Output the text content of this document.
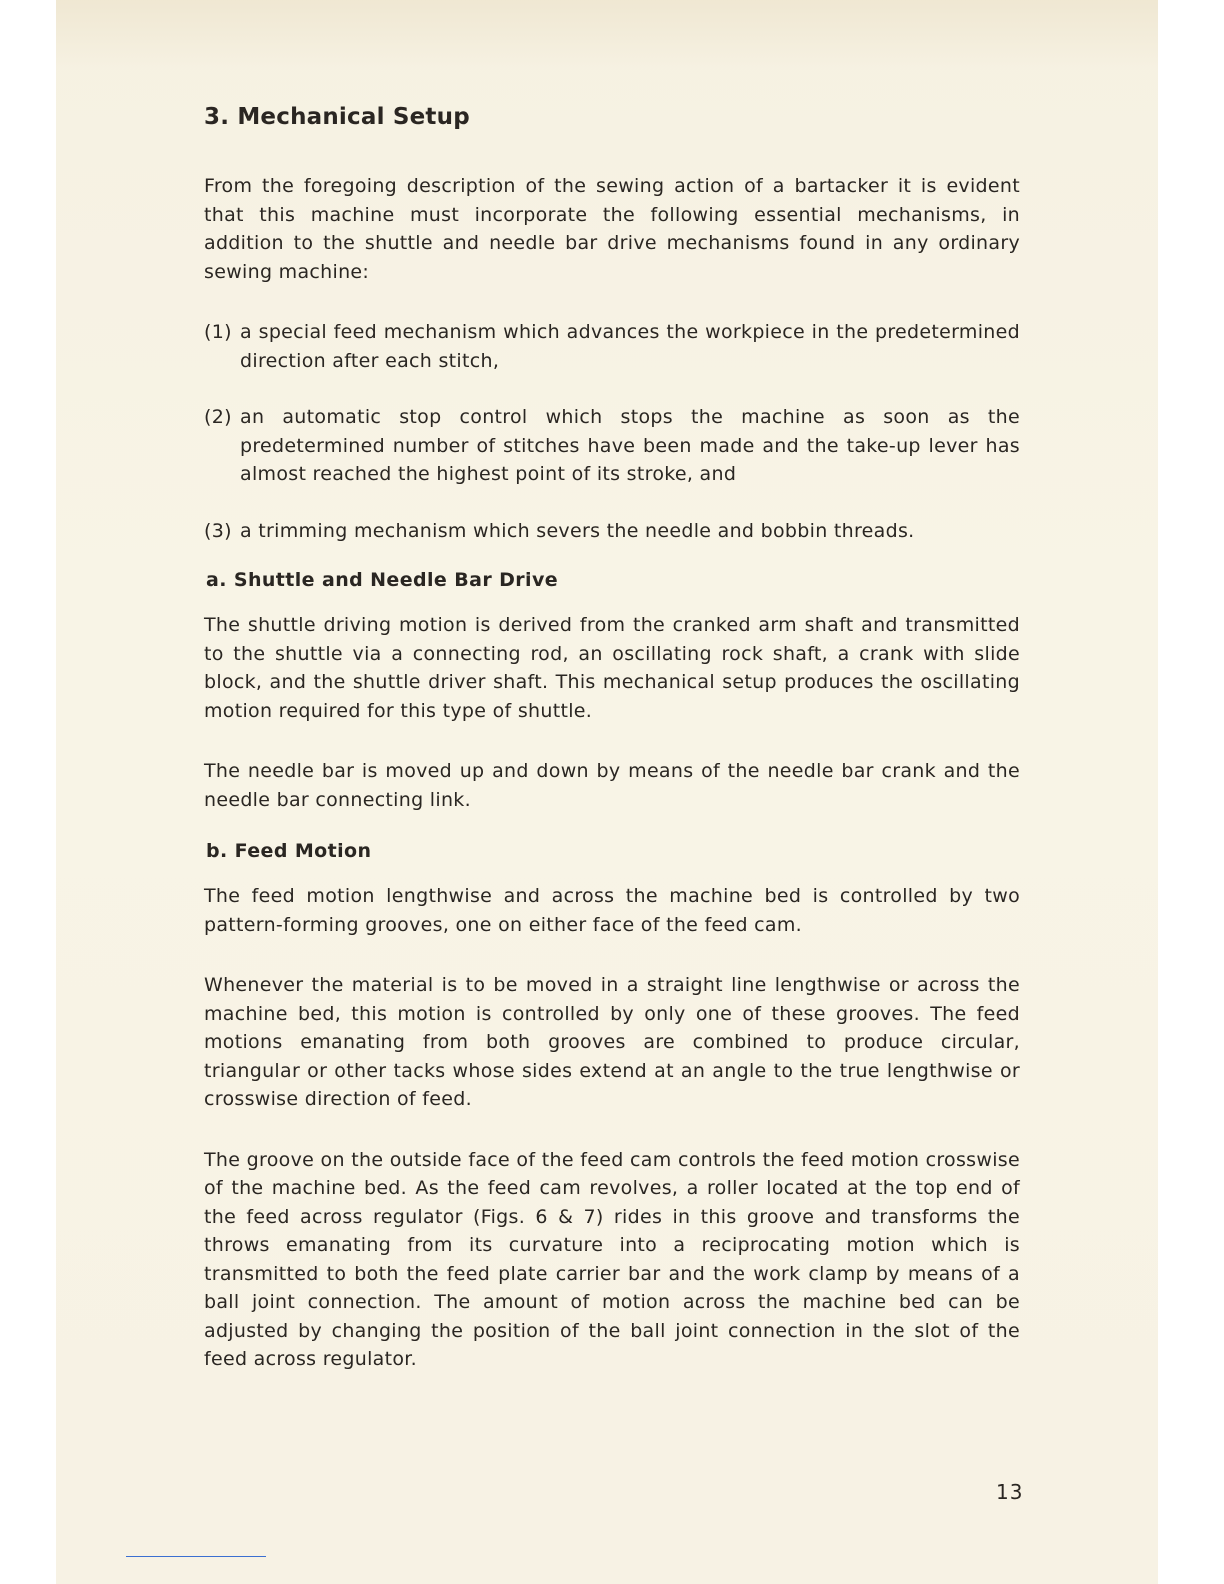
3. Mechanical Setup

From the foregoing description of the sewing action of a bartacker it is evident that this machine must incorporate the following essential mechanisms, in addition to the shuttle and needle bar drive mechanisms found in any ordinary sewing machine:

(1) a special feed mechanism which advances the workpiece in the predetermined direction after each stitch,
(2) an automatic stop control which stops the machine as soon as the predetermined number of stitches have been made and the take-up lever has almost reached the highest point of its stroke, and
(3) a trimming mechanism which severs the needle and bobbin threads.
a. Shuttle and Needle Bar Drive

The shuttle driving motion is derived from the cranked arm shaft and transmitted to the shuttle via a connecting rod, an oscillating rock shaft, a crank with slide block, and the shuttle driver shaft. This mechanical setup produces the oscillating motion required for this type of shuttle.

The needle bar is moved up and down by means of the needle bar crank and the needle bar connecting link.

b. Feed Motion

The feed motion lengthwise and across the machine bed is controlled by two pattern-forming grooves, one on either face of the feed cam.

Whenever the material is to be moved in a straight line lengthwise or across the machine bed, this motion is controlled by only one of these grooves. The feed motions emanating from both grooves are combined to produce circular, triangular or other tacks whose sides extend at an angle to the true lengthwise or crosswise direction of feed.

The groove on the outside face of the feed cam controls the feed motion crosswise of the machine bed. As the feed cam revolves, a roller located at the top end of the feed across regulator (Figs. 6 & 7) rides in this groove and transforms the throws emanating from its curvature into a reciprocating motion which is transmitted to both the feed plate carrier bar and the work clamp by means of a ball joint connection. The amount of motion across the machine bed can be adjusted by changing the position of the ball joint connection in the slot of the feed across regulator.

13
